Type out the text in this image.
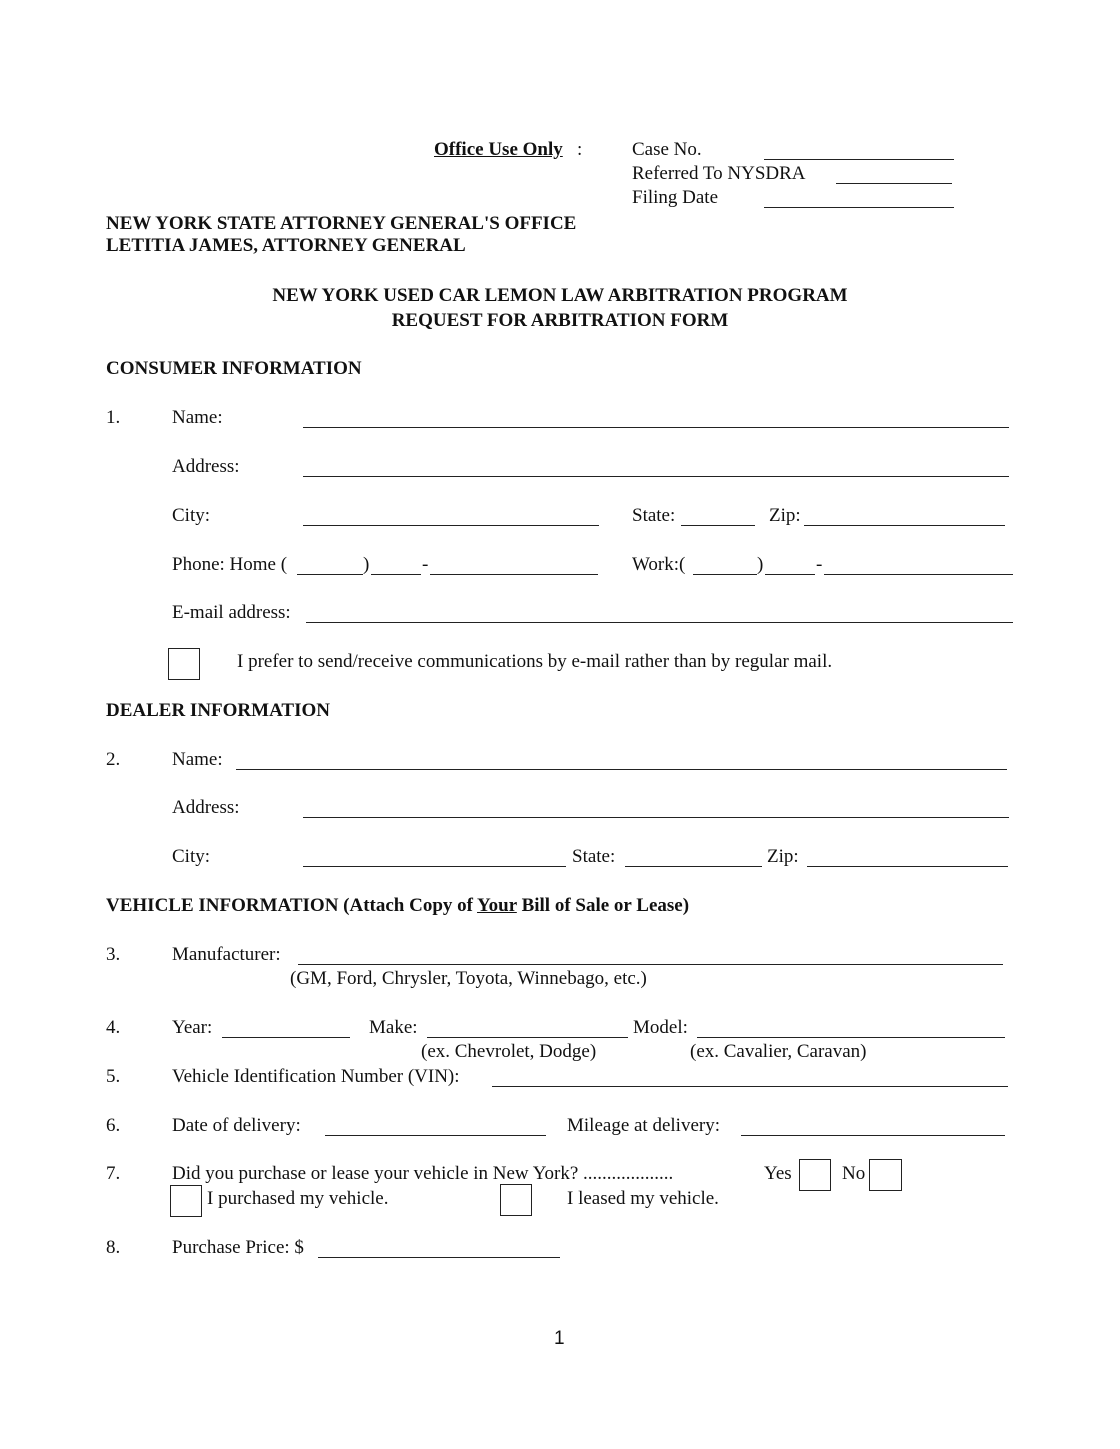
Office Use Only :	Case No.
Referred To NYSDRA
Filing Date
NEW YORK STATE ATTORNEY GENERAL'S OFFICE
LETITIA JAMES, ATTORNEY GENERAL
NEW YORK USED CAR LEMON LAW ARBITRATION PROGRAM
REQUEST FOR ARBITRATION FORM
CONSUMER INFORMATION
1.	Name:
Address:
City:	State:	Zip:
Phone: Home (	)	-	Work:(	)	-
E-mail address:
I prefer to send/receive communications by e-mail rather than by regular mail.
DEALER INFORMATION
2.	Name:
Address:
City:	State:	Zip:
VEHICLE INFORMATION (Attach Copy of Your Bill of Sale or Lease)
3.	Manufacturer:
(GM, Ford, Chrysler, Toyota, Winnebago, etc.)
4.	Year:	Make:	Model:
(ex. Chevrolet, Dodge)	(ex. Cavalier, Caravan)
5.	Vehicle Identification Number (VIN):
6.	Date of delivery:	Mileage at delivery:
7.	Did you purchase or lease your vehicle in New York? ...................	Yes	No
I purchased my vehicle.	I leased my vehicle.
8.	Purchase Price: $
1
